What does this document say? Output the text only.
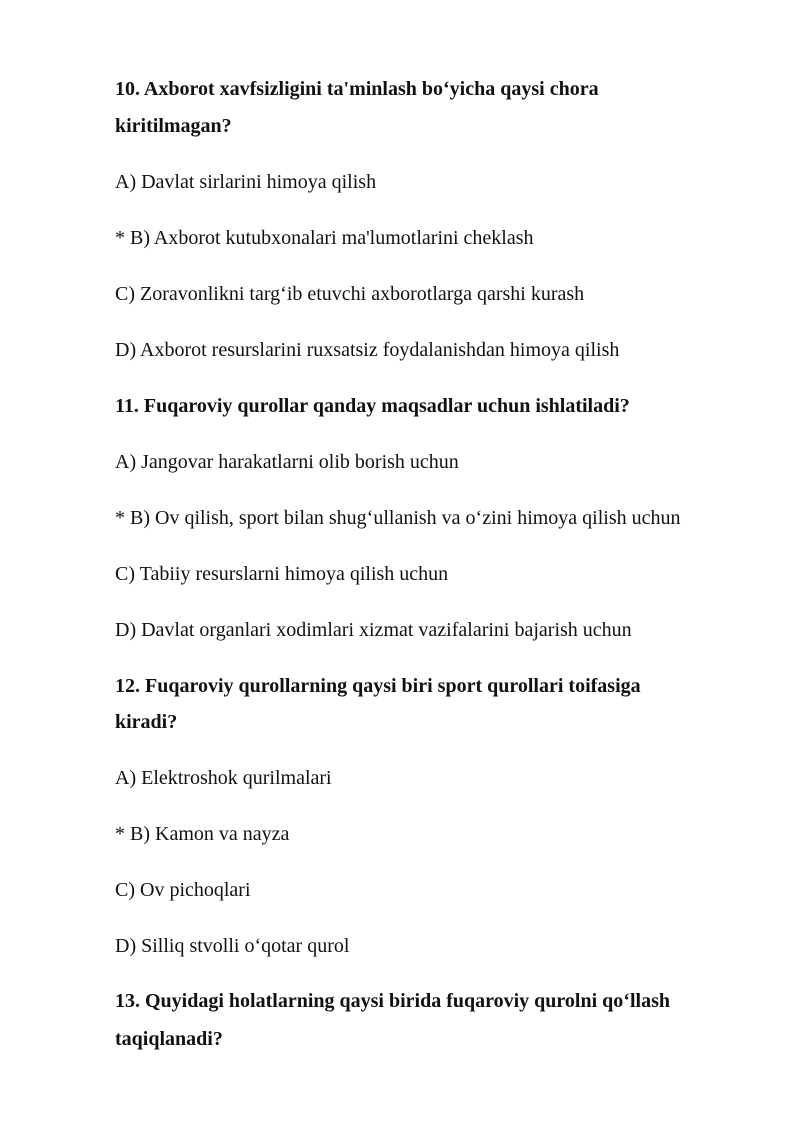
10. Axborot xavfsizligini ta'minlash bo‘yicha qaysi chora
kiritilmagan?
A) Davlat sirlarini himoya qilish
* B) Axborot kutubxonalari ma'lumotlarini cheklash
C) Zoravonlikni targ‘ib etuvchi axborotlarga qarshi kurash
D) Axborot resurslarini ruxsatsiz foydalanishdan himoya qilish
11. Fuqaroviy qurollar qanday maqsadlar uchun ishlatiladi?
A) Jangovar harakatlarni olib borish uchun
* B) Ov qilish, sport bilan shug‘ullanish va o‘zini himoya qilish uchun
C) Tabiiy resurslarni himoya qilish uchun
D) Davlat organlari xodimlari xizmat vazifalarini bajarish uchun
12. Fuqaroviy qurollarning qaysi biri sport qurollari toifasiga
kiradi?
A) Elektroshok qurilmalari
* B) Kamon va nayza
C) Ov pichoqlari
D) Silliq stvolli o‘qotar qurol
13. Quyidagi holatlarning qaysi birida fuqaroviy qurolni qo‘llash
taqiqlanadi?
